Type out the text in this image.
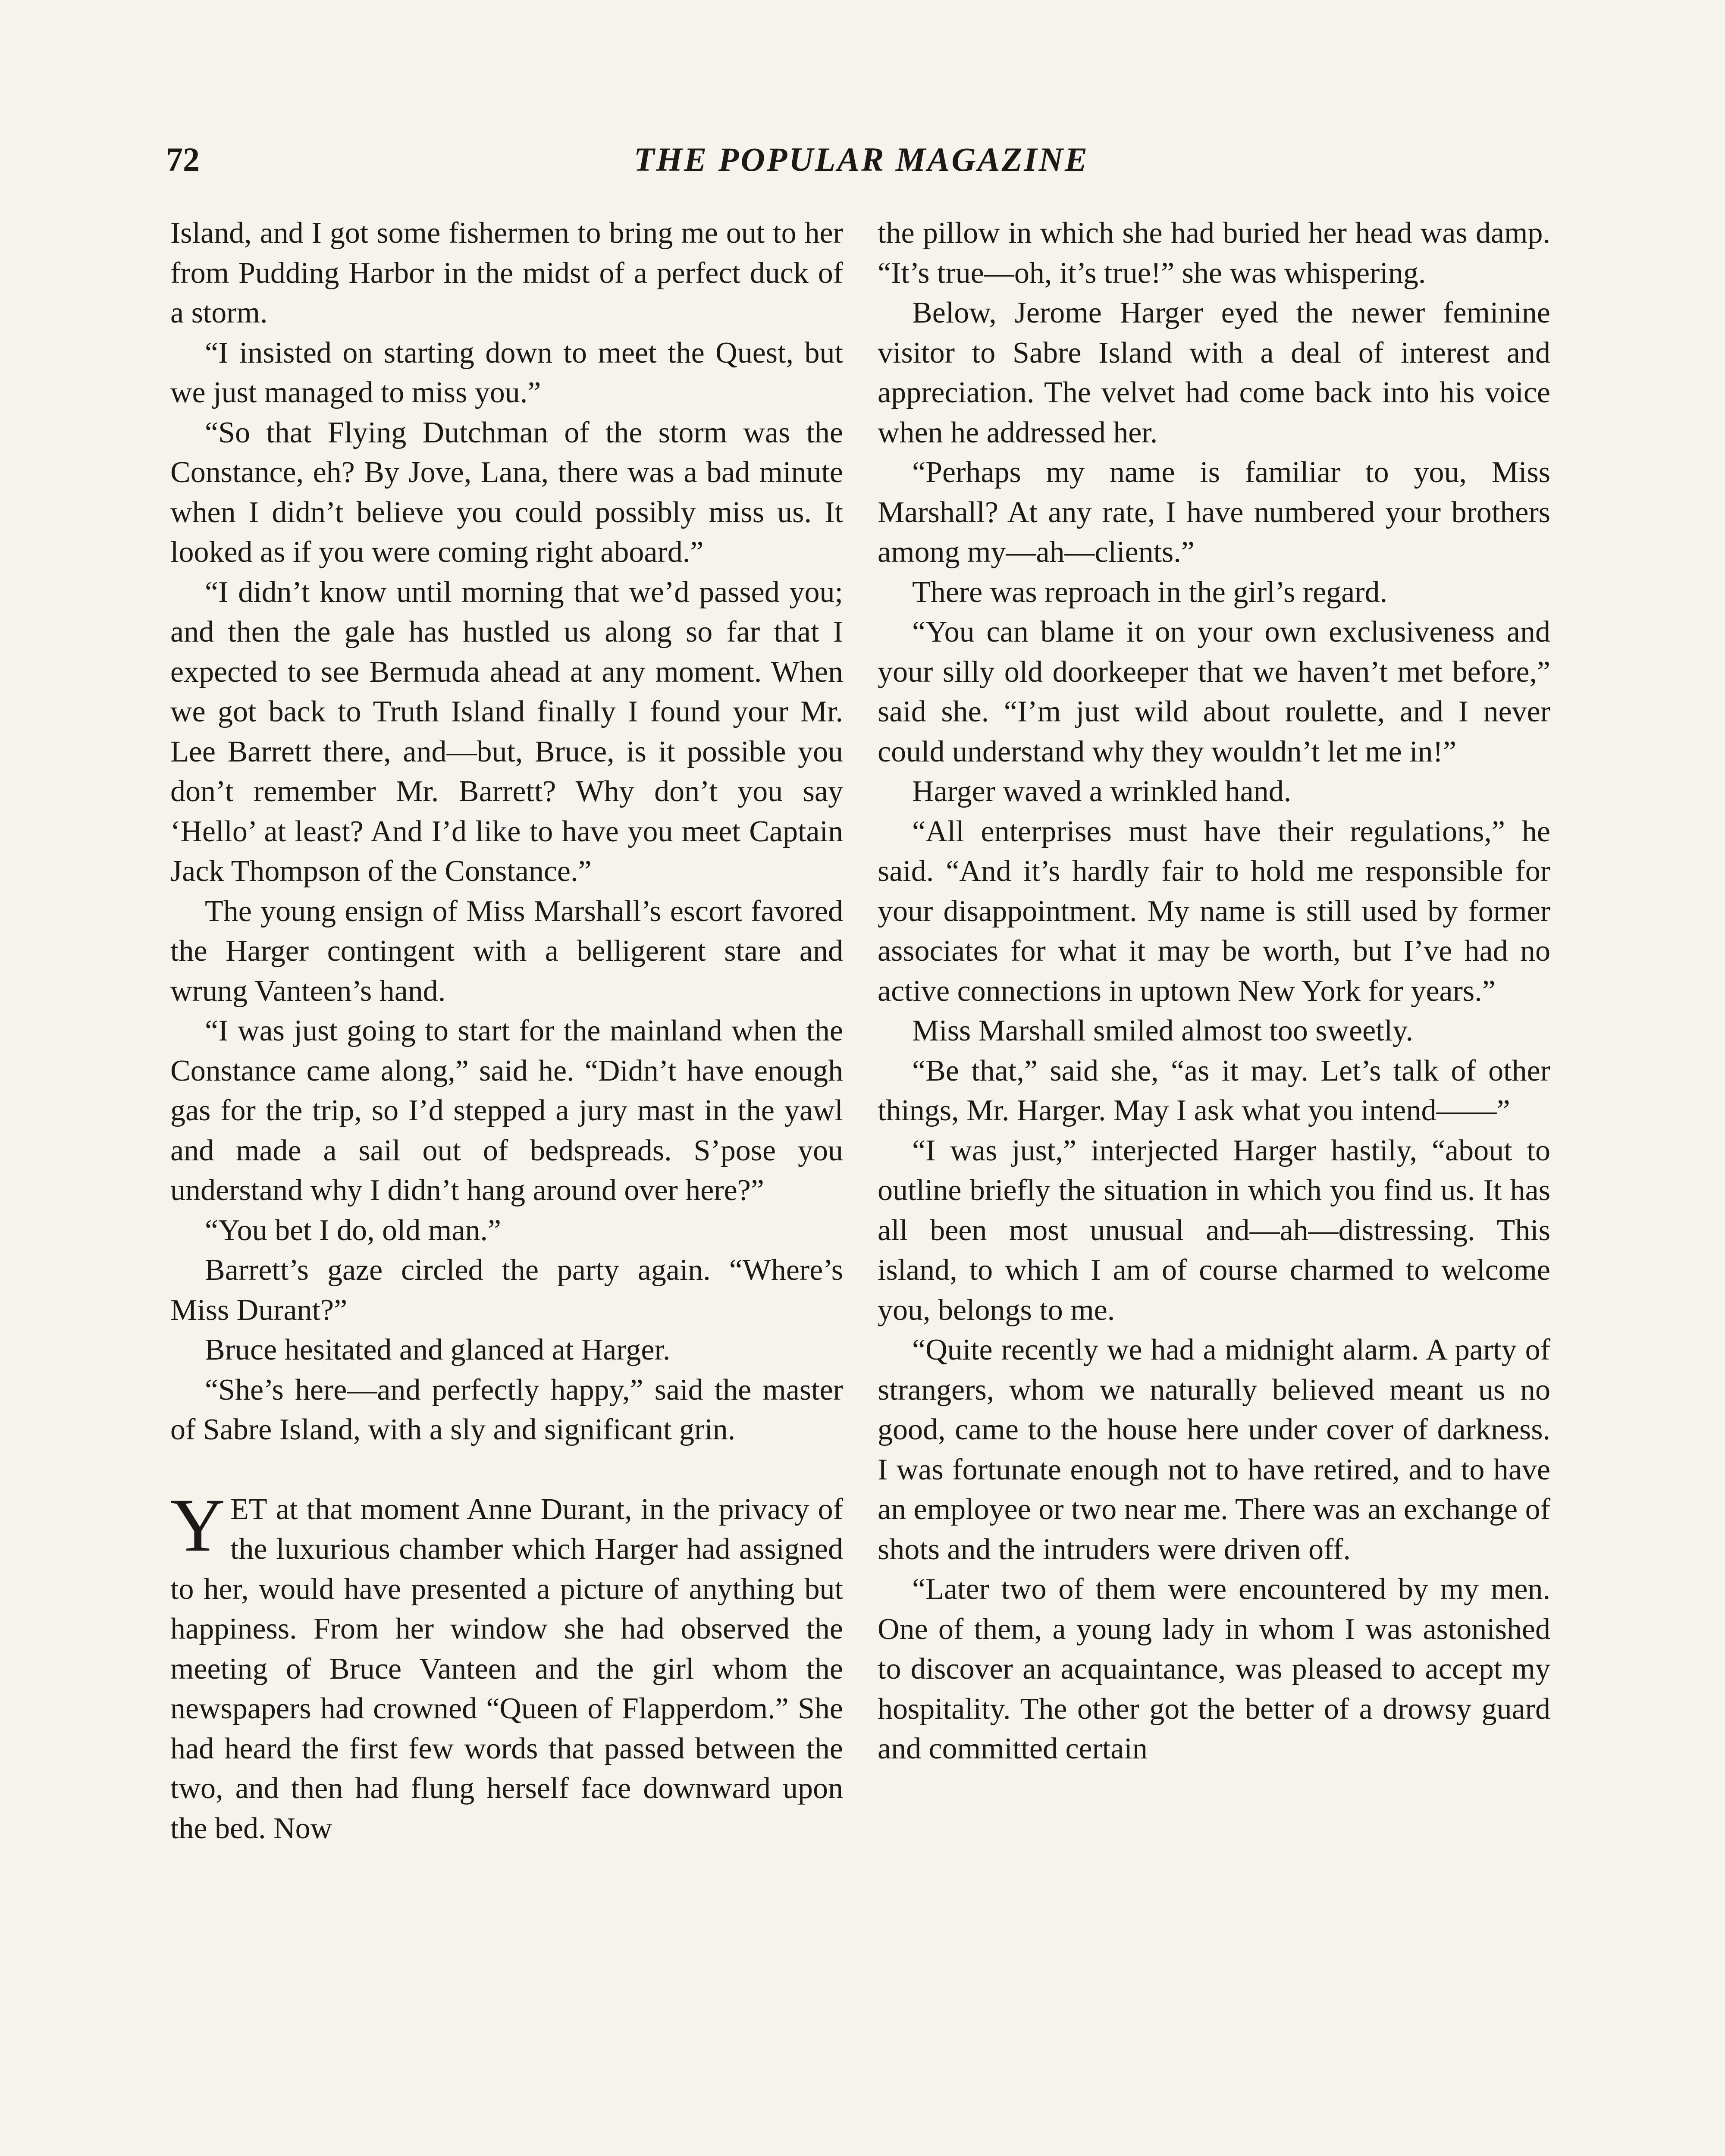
72	THE POPULAR MAGAZINE

Island, and I got some fishermen to bring me out to her from Pudding Harbor in the midst of a perfect duck of a storm.

“I insisted on starting down to meet the Quest, but we just managed to miss you.”

“So that Flying Dutchman of the storm was the Constance, eh? By Jove, Lana, there was a bad minute when I didn’t believe you could possibly miss us. It looked as if you were coming right aboard.”

“I didn’t know until morning that we’d passed you; and then the gale has hustled us along so far that I expected to see Bermuda ahead at any moment. When we got back to Truth Island finally I found your Mr. Lee Barrett there, and—but, Bruce, is it possible you don’t remember Mr. Barrett? Why don’t you say ‘Hello’ at least? And I’d like to have you meet Captain Jack Thompson of the Constance.”

The young ensign of Miss Marshall’s escort favored the Harger contingent with a belligerent stare and wrung Vanteen’s hand.

“I was just going to start for the mainland when the Constance came along,” said he. “Didn’t have enough gas for the trip, so I’d stepped a jury mast in the yawl and made a sail out of bedspreads. S’pose you understand why I didn’t hang around over here?”

“You bet I do, old man.”

Barrett’s gaze circled the party again. “Where’s Miss Durant?”

Bruce hesitated and glanced at Harger.

“She’s here—and perfectly happy,” said the master of Sabre Island, with a sly and significant grin.

YET at that moment Anne Durant, in the privacy of the luxurious chamber which Harger had assigned to her, would have presented a picture of anything but happiness. From her window she had observed the meeting of Bruce Vanteen and the girl whom the newspapers had crowned “Queen of Flapperdom.” She had heard the first few words that passed between the two, and then had flung herself face downward upon the bed. Now

the pillow in which she had buried her head was damp. “It’s true—oh, it’s true!” she was whispering.

Below, Jerome Harger eyed the newer feminine visitor to Sabre Island with a deal of interest and appreciation. The velvet had come back into his voice when he addressed her.

“Perhaps my name is familiar to you, Miss Marshall? At any rate, I have numbered your brothers among my—ah—clients.”

There was reproach in the girl’s regard.

“You can blame it on your own exclusiveness and your silly old doorkeeper that we haven’t met before,” said she. “I’m just wild about roulette, and I never could understand why they wouldn’t let me in!”

Harger waved a wrinkled hand.

“All enterprises must have their regulations,” he said. “And it’s hardly fair to hold me responsible for your disappointment. My name is still used by former associates for what it may be worth, but I’ve had no active connections in uptown New York for years.”

Miss Marshall smiled almost too sweetly.

“Be that,” said she, “as it may. Let’s talk of other things, Mr. Harger. May I ask what you intend——”

“I was just,” interjected Harger hastily, “about to outline briefly the situation in which you find us. It has all been most unusual and—ah—distressing. This island, to which I am of course charmed to welcome you, belongs to me.

“Quite recently we had a midnight alarm. A party of strangers, whom we naturally believed meant us no good, came to the house here under cover of darkness. I was fortunate enough not to have retired, and to have an employee or two near me. There was an exchange of shots and the intruders were driven off.

“Later two of them were encountered by my men. One of them, a young lady in whom I was astonished to discover an acquaintance, was pleased to accept my hospitality. The other got the better of a drowsy guard and committed certain
